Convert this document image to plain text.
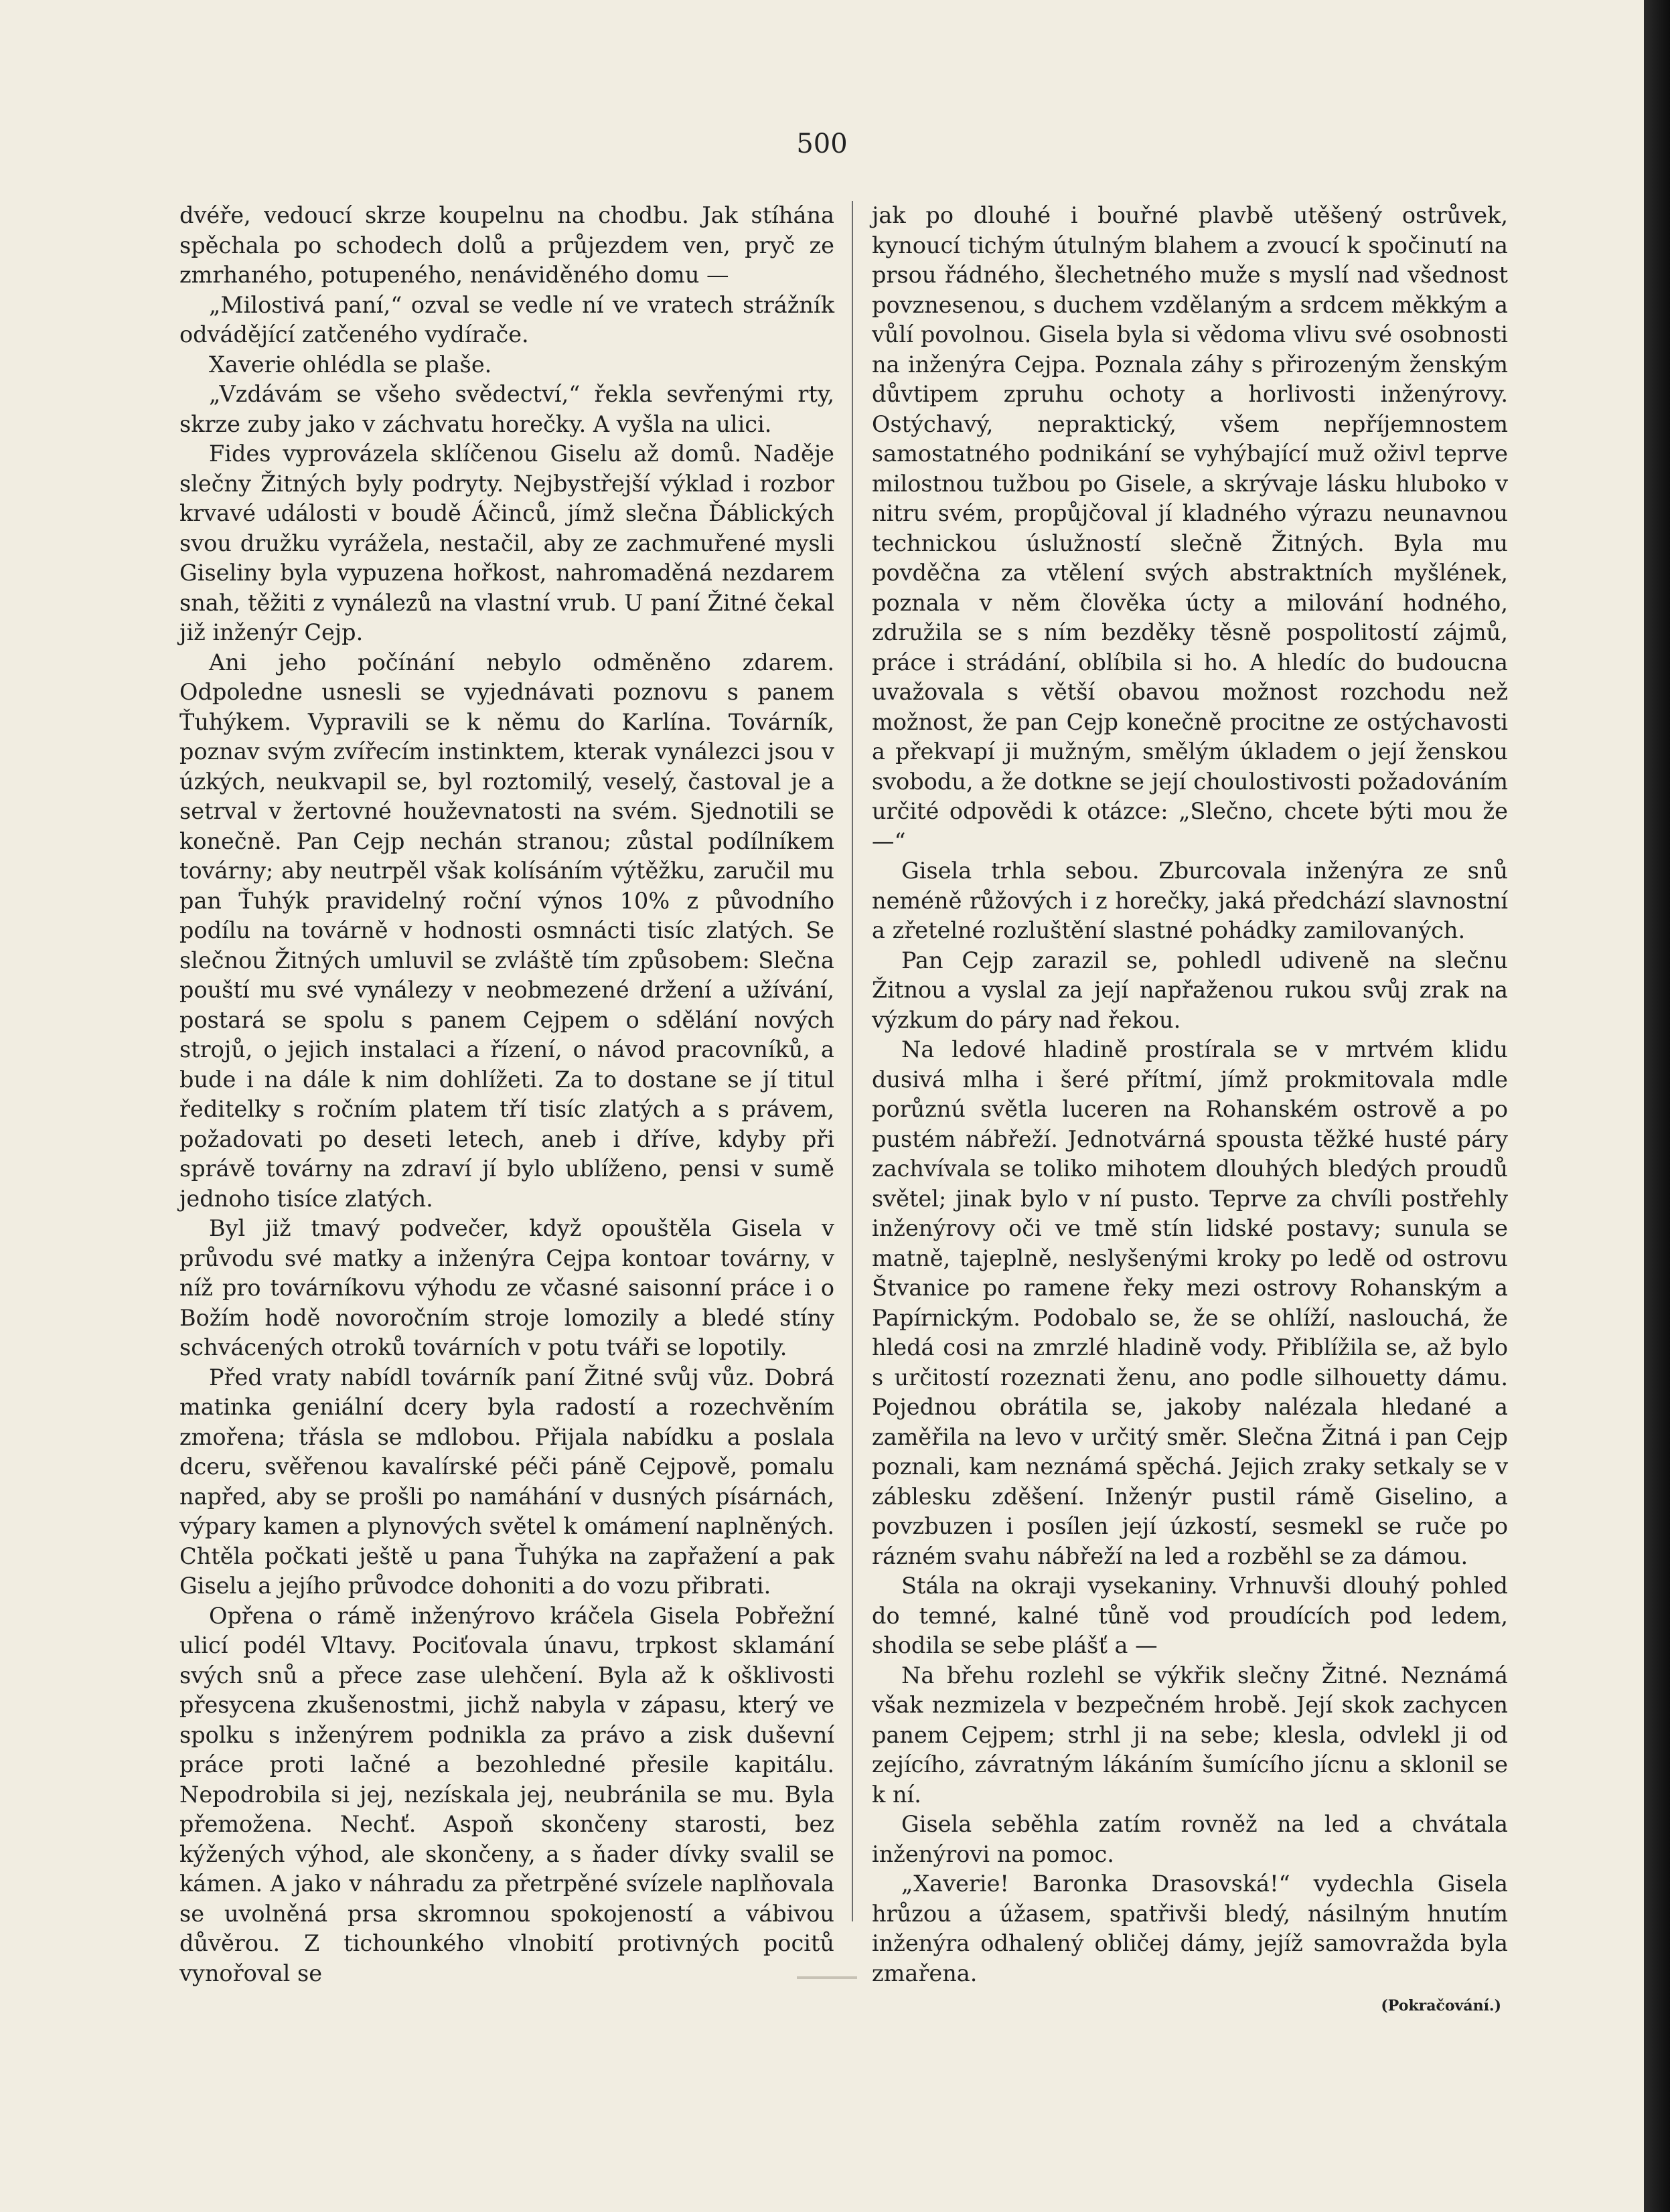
500

dvéře, vedoucí skrze koupelnu na chodbu. Jak stíhána spěchala po schodech dolů a průjezdem ven, pryč ze zmrhaného, potupeného, nenáviděného domu —

„Milostivá paní,“ ozval se vedle ní ve vratech strážník odvádějící zatčeného vydírače.

Xaverie ohlédla se plaše.

„Vzdávám se všeho svědectví,“ řekla sevřenými rty, skrze zuby jako v záchvatu horečky. A vyšla na ulici.

Fides vyprovázela sklíčenou Giselu až domů. Naděje slečny Žitných byly podryty. Nejbystřejší výklad i rozbor krvavé události v boudě Áčinců, jímž slečna Ďáblických svou družku vyrážela, nestačil, aby ze zachmuřené mysli Giseliny byla vypuzena hořkost, nahromaděná nezdarem snah, těžiti z vynálezů na vlastní vrub. U paní Žitné čekal již inženýr Cejp.

Ani jeho počínání nebylo odměněno zdarem. Odpoledne usnesli se vyjednávati poznovu s panem Ťuhýkem. Vypravili se k němu do Karlína. Továrník, poznav svým zvířecím instinktem, kterak vynálezci jsou v úzkých, neukvapil se, byl roztomilý, veselý, častoval je a setrval v žertovné houževnatosti na svém. Sjednotili se konečně. Pan Cejp nechán stranou; zůstal podílníkem továrny; aby neutrpěl však kolísáním výtěžku, zaručil mu pan Ťuhýk pravidelný roční výnos 10% z původního podílu na továrně v hodnosti osmnácti tisíc zlatých. Se slečnou Žitných umluvil se zvláště tím způsobem: Slečna pouští mu své vynálezy v neobmezené držení a užívání, postará se spolu s panem Cejpem o sdělání nových strojů, o jejich instalaci a řízení, o návod pracovníků, a bude i na dále k nim dohlížeti. Za to dostane se jí titul ředitelky s ročním platem tří tisíc zlatých a s právem, požadovati po deseti letech, aneb i dříve, kdyby při správě továrny na zdraví jí bylo ublíženo, pensi v sumě jednoho tisíce zlatých.

Byl již tmavý podvečer, když opouštěla Gisela v průvodu své matky a inženýra Cejpa kontoar továrny, v níž pro továrníkovu výhodu ze včasné saisonní práce i o Božím hodě novoročním stroje lomozily a bledé stíny schvácených otroků továrních v potu tváři se lopotily.

Před vraty nabídl továrník paní Žitné svůj vůz. Dobrá matinka geniální dcery byla radostí a rozechvěním zmořena; třásla se mdlobou. Přijala nabídku a poslala dceru, svěřenou kavalírské péči páně Cejpově, pomalu napřed, aby se prošli po namáhání v dusných písárnách, výpary kamen a plynových světel k omámení naplněných. Chtěla počkati ještě u pana Ťuhýka na zapřažení a pak Giselu a jejího průvodce dohoniti a do vozu přibrati.

Opřena o rámě inženýrovo kráčela Gisela Pobřežní ulicí podél Vltavy. Pociťovala únavu, trpkost sklamání svých snů a přece zase ulehčení. Byla až k ošklivosti přesycena zkušenostmi, jichž nabyla v zápasu, který ve spolku s inženýrem podnikla za právo a zisk duševní práce proti lačné a bezohledné přesile kapitálu. Nepodrobila si jej, nezískala jej, neubránila se mu. Byla přemožena. Nechť. Aspoň skončeny starosti, bez kýžených výhod, ale skončeny, a s ňader dívky svalil se kámen. A jako v náhradu za přetrpěné svízele naplňovala se uvolněná prsa skromnou spokojeností a vábivou důvěrou. Z tichounkého vlnobití protivných pocitů vynořoval se

jak po dlouhé i bouřné plavbě utěšený ostrůvek, kynoucí tichým útulným blahem a zvoucí k spočinutí na prsou řádného, šlechetného muže s myslí nad všednost povznesenou, s duchem vzdělaným a srdcem měkkým a vůlí povolnou. Gisela byla si vědoma vlivu své osobnosti na inženýra Cejpa. Poznala záhy s přirozeným ženským důvtipem zpruhu ochoty a horlivosti inženýrovy. Ostýchavý, nepraktický, všem nepříjemnostem samostatného podnikání se vyhýbající muž oživl teprve milostnou tužbou po Gisele, a skrývaje lásku hluboko v nitru svém, propůjčoval jí kladného výrazu neunavnou technickou úslužností slečně Žitných. Byla mu povděčna za vtělení svých abstraktních myšlének, poznala v něm člověka úcty a milování hodného, združila se s ním bezděky těsně pospolitostí zájmů, práce i strádání, oblíbila si ho. A hledíc do budoucna uvažovala s větší obavou možnost rozchodu než možnost, že pan Cejp konečně procitne ze ostýchavosti a překvapí ji mužným, smělým úkladem o její ženskou svobodu, a že dotkne se její choulostivosti požadováním určité odpovědi k otázce: „Slečno, chcete býti mou že —“

Gisela trhla sebou. Zburcovala inženýra ze snů neméně růžových i z horečky, jaká předchází slavnostní a zřetelné rozluštění slastné pohádky zamilovaných.

Pan Cejp zarazil se, pohledl udiveně na slečnu Žitnou a vyslal za její napřaženou rukou svůj zrak na výzkum do páry nad řekou.

Na ledové hladině prostírala se v mrtvém klidu dusivá mlha i šeré přítmí, jímž prokmitovala mdle porůznú světla luceren na Rohanském ostrově a po pustém nábřeží. Jednotvárná spousta těžké husté páry zachvívala se toliko mihotem dlouhých bledých proudů světel; jinak bylo v ní pusto. Teprve za chvíli postřehly inženýrovy oči ve tmě stín lidské postavy; sunula se matně, tajeplně, neslyšenými kroky po ledě od ostrovu Štvanice po ramene řeky mezi ostrovy Rohanským a Papírnickým. Podobalo se, že se ohlíží, naslouchá, že hledá cosi na zmrzlé hladině vody. Přiblížila se, až bylo s určitostí rozeznati ženu, ano podle silhouetty dámu. Pojednou obrátila se, jakoby nalézala hledané a zaměřila na levo v určitý směr. Slečna Žitná i pan Cejp poznali, kam neznámá spěchá. Jejich zraky setkaly se v záblesku zděšení. Inženýr pustil rámě Giselino, a povzbuzen i posílen její úzkostí, sesmekl se ruče po rázném svahu nábřeží na led a rozběhl se za dámou.

Stála na okraji vysekaniny. Vrhnuvši dlouhý pohled do temné, kalné tůně vod proudících pod ledem, shodila se sebe plášť a —

Na břehu rozlehl se výkřik slečny Žitné. Neznámá však nezmizela v bezpečném hrobě. Její skok zachycen panem Cejpem; strhl ji na sebe; klesla, odvlekl ji od zejícího, závratným lákáním šumícího jícnu a sklonil se k ní.

Gisela seběhla zatím rovněž na led a chvátala inženýrovi na pomoc.

„Xaverie! Baronka Drasovská!“ vydechla Gisela hrůzou a úžasem, spatřivši bledý, násilným hnutím inženýra odhalený obličej dámy, jejíž samovražda byla zmařena.

(Pokračování.)
